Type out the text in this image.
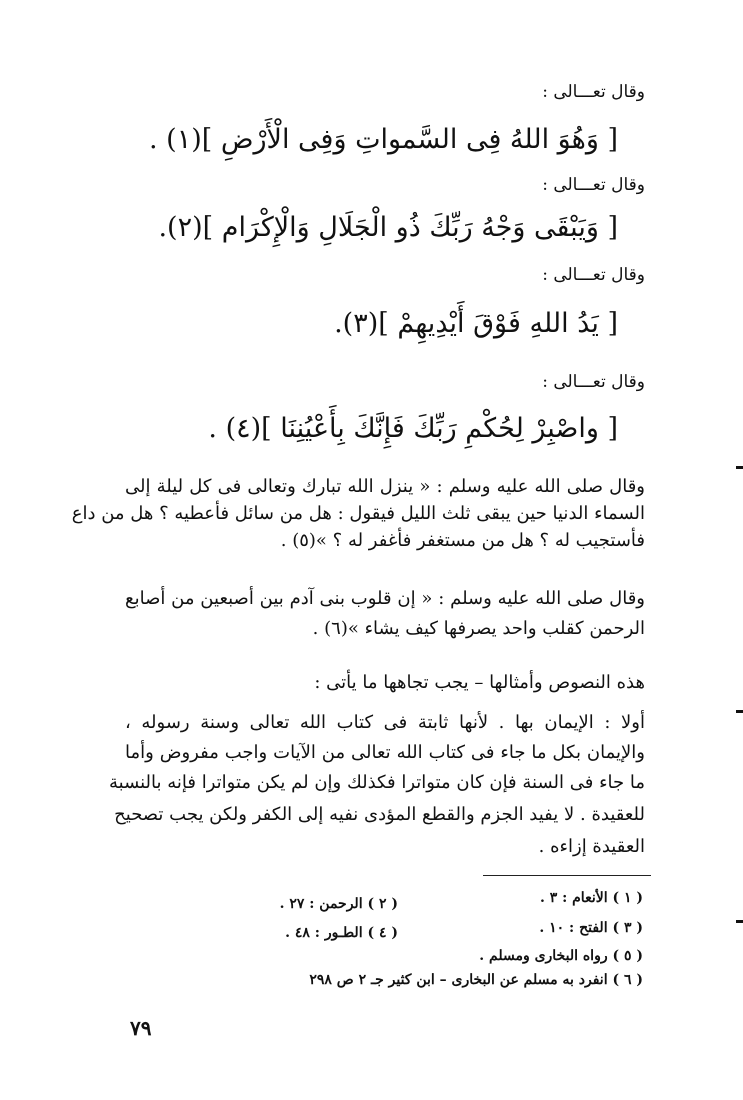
وقال تعـــالى :
[ وَهُوَ اللهُ فِى السَّمواتِ وَفِى الْأَرْضِ ](١) .
وقال تعـــالى :
[ وَيَبْقَى وَجْهُ رَبِّكَ ذُو الْجَلَالِ وَالْإِكْرَام ](٢).
وقال تعـــالى :
[ يَدُ اللهِ فَوْقَ أَيْدِيهِمْ ](٣).
وقال تعـــالى :
[ واصْبِرْ لِحُكْمِ رَبِّكَ فَإِنَّكَ بِأَعْيُنِنَا ](٤) .
وقال صلى الله عليه وسلم : « ينزل الله تبارك وتعالى فى كل ليلة إلى
السماء الدنيا حين يبقى ثلث الليل فيقول : هل من سائل فأعطيه ؟ هل من داع
فأستجيب له ؟ هل من مستغفر فأغفر له ؟ »(٥) .
وقال صلى الله عليه وسلم : « إن قلوب بنى آدم بين أصبعين من أصابع
الرحمن كقلب واحد يصرفها كيف يشاء »(٦) .
هذه النصوص وأمثالها – يجب تجاهها ما يأتى :
أولا : الإيمان بها . لأنها ثابتة فى كتاب الله تعالى وسنة رسوله ،
والإيمان بكل ما جاء فى كتاب الله تعالى من الآيات واجب مفروض وأما
ما جاء فى السنة فإن كان متواترا فكذلك وإن لم يكن متواترا فإنه بالنسبة
للعقيدة . لا يفيد الجزم والقطع المؤدى نفيه إلى الكفر ولكن يجب تصحيح
العقيدة إزاءه .
( ١ ) الأنعام : ٣ .
( ٢ ) الرحمن : ٢٧ .
( ٣ ) الفتح : ١٠ .
( ٤ ) الطـور : ٤٨ .
( ٥ ) رواه البخارى ومسلم .
( ٦ ) انفرد به مسلم عن البخارى – ابن كثير جـ ٢ ص ٢٩٨
٧٩
